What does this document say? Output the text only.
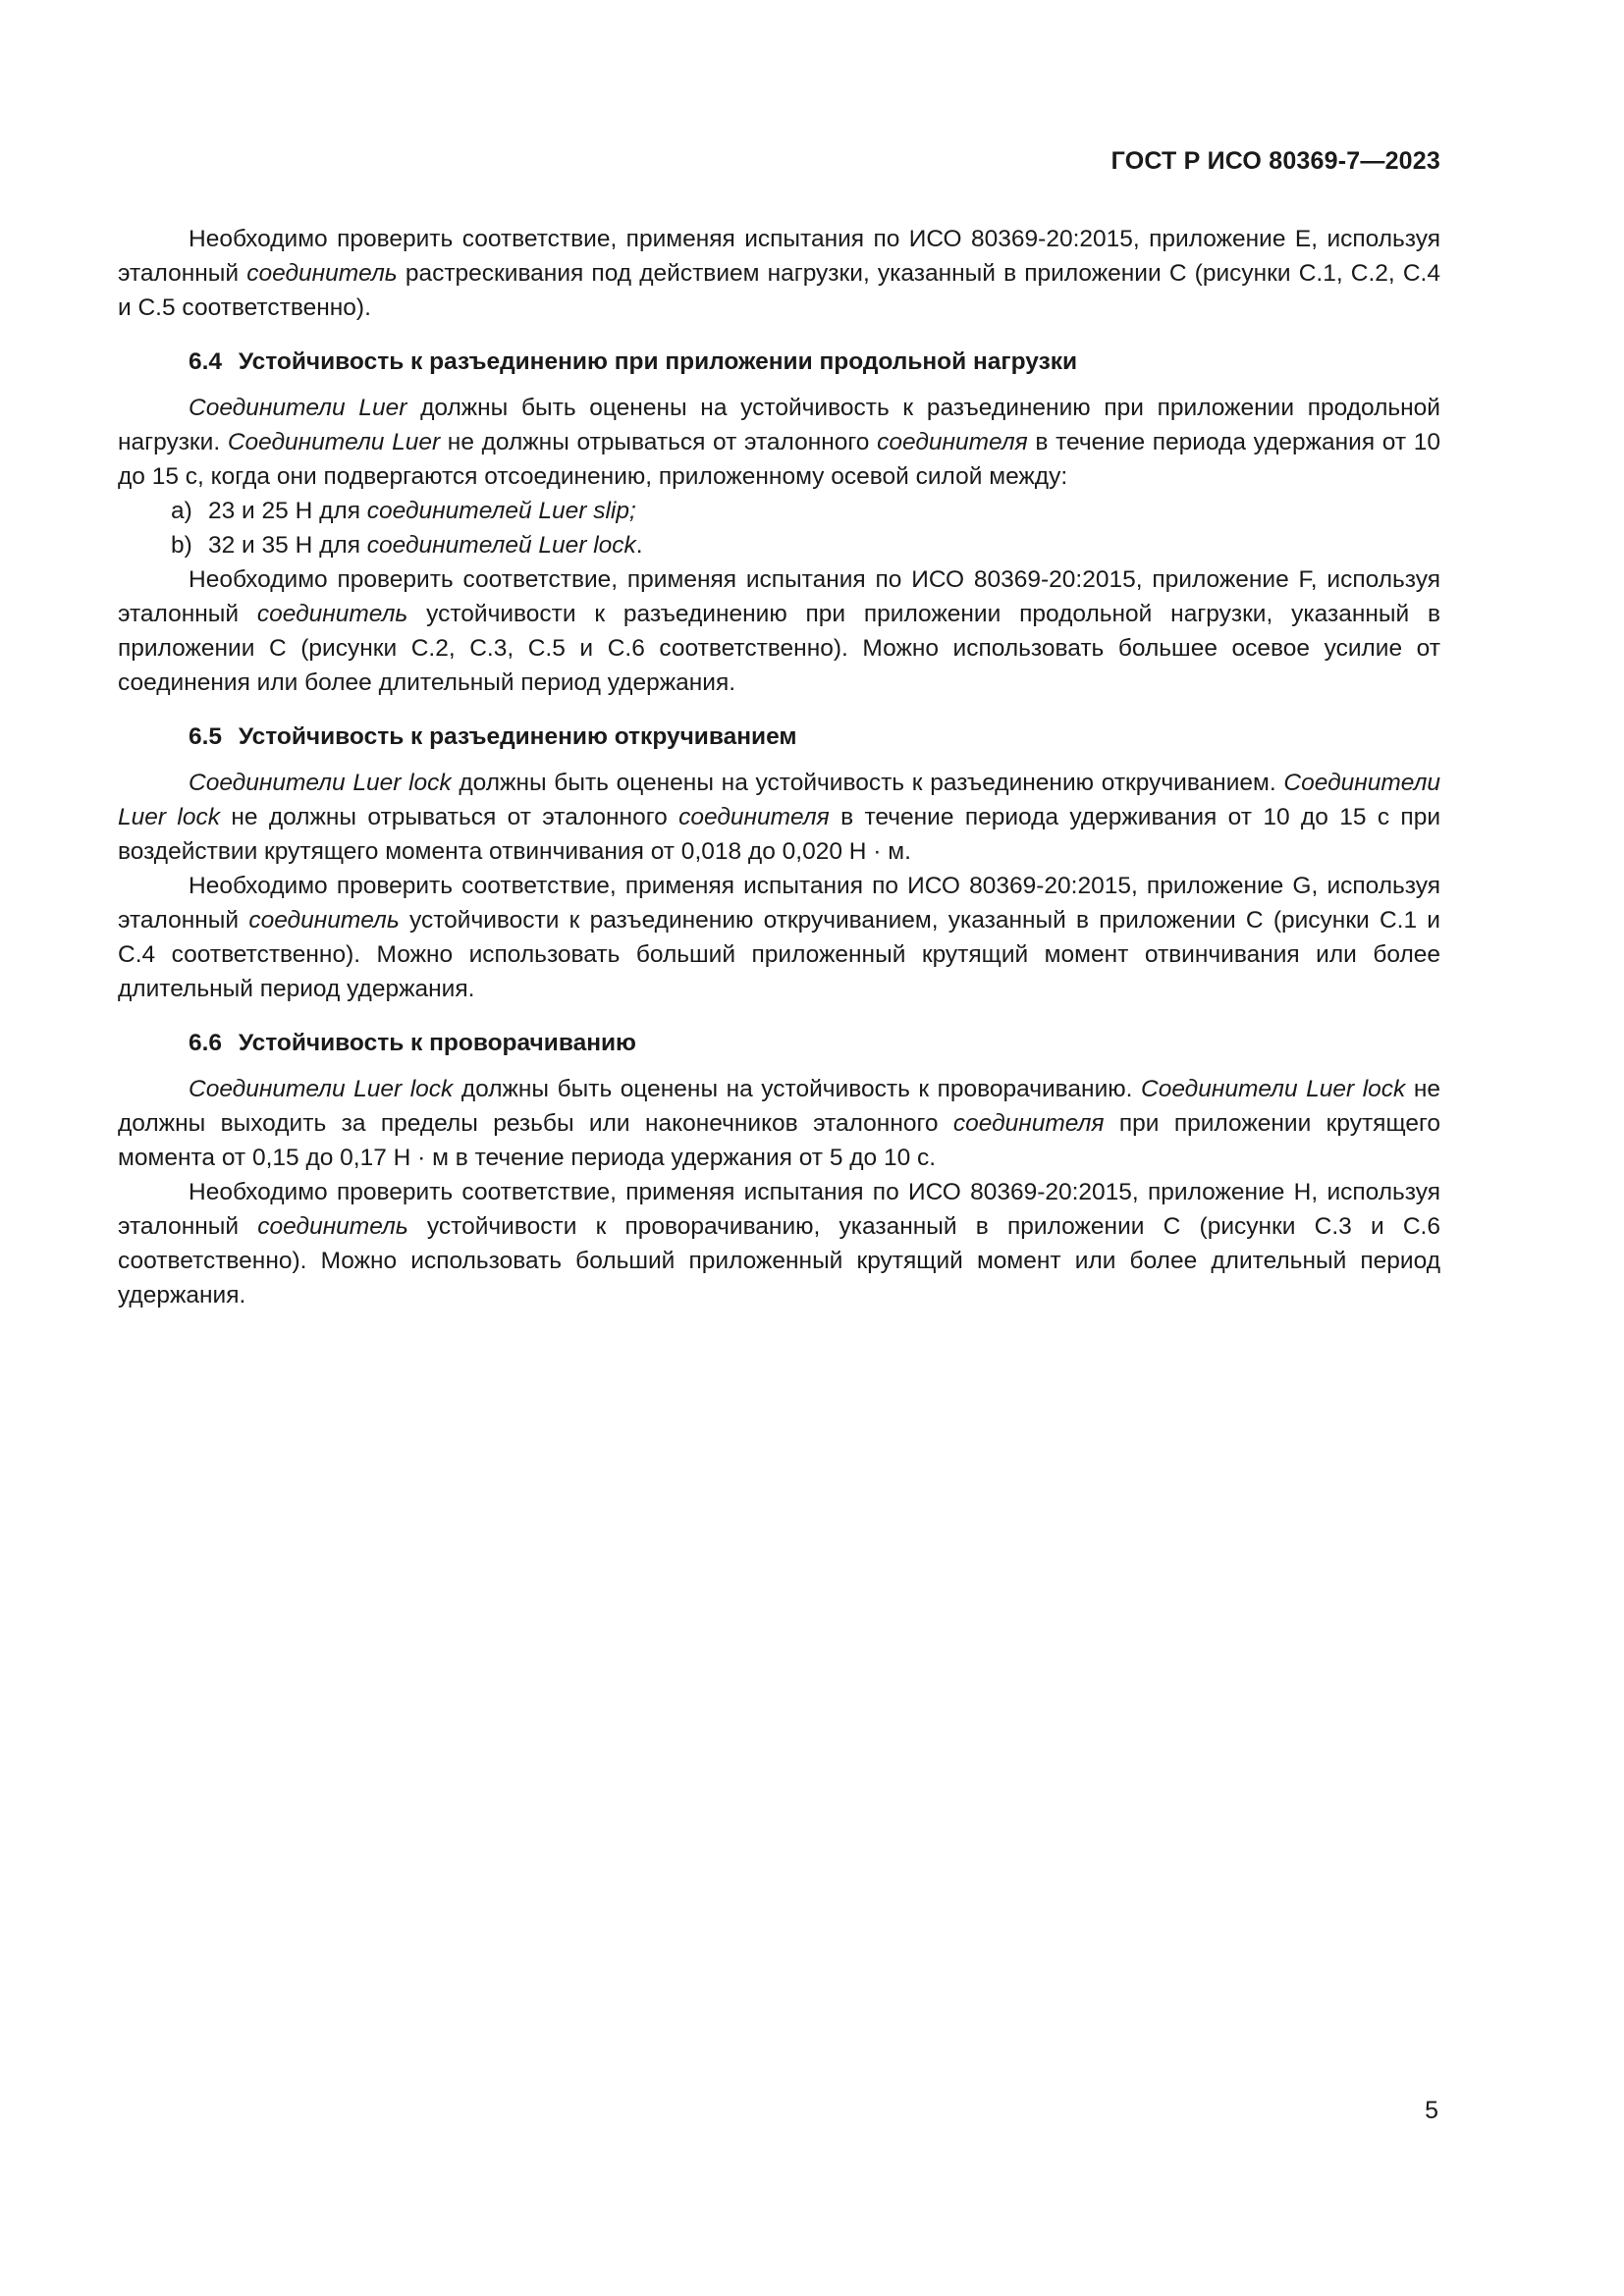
ГОСТ Р ИСО 80369-7—2023

Необходимо проверить соответствие, применяя испытания по ИСО 80369-20:2015, приложение E, используя эталонный соединитель растрескивания под действием нагрузки, указанный в приложении C (рисунки C.1, C.2, C.4 и C.5 соответственно).

6.4 Устойчивость к разъединению при приложении продольной нагрузки

Соединители Luer должны быть оценены на устойчивость к разъединению при приложении продольной нагрузки. Соединители Luer не должны отрываться от эталонного соединителя в течение периода удержания от 10 до 15 с, когда они подвергаются отсоединению, приложенному осевой силой между:

a) 23 и 25 Н для соединителей Luer slip;

b) 32 и 35 Н для соединителей Luer lock.

Необходимо проверить соответствие, применяя испытания по ИСО 80369-20:2015, приложение F, используя эталонный соединитель устойчивости к разъединению при приложении продольной нагрузки, указанный в приложении C (рисунки C.2, C.3, C.5 и C.6 соответственно). Можно использовать большее осевое усилие от соединения или более длительный период удержания.

6.5 Устойчивость к разъединению откручиванием

Соединители Luer lock должны быть оценены на устойчивость к разъединению откручиванием. Соединители Luer lock не должны отрываться от эталонного соединителя в течение периода удерживания от 10 до 15 с при воздействии крутящего момента отвинчивания от 0,018 до 0,020 Н · м.

Необходимо проверить соответствие, применяя испытания по ИСО 80369-20:2015, приложение G, используя эталонный соединитель устойчивости к разъединению откручиванием, указанный в приложении C (рисунки C.1 и C.4 соответственно). Можно использовать больший приложенный крутящий момент отвинчивания или более длительный период удержания.

6.6 Устойчивость к проворачиванию

Соединители Luer lock должны быть оценены на устойчивость к проворачиванию. Соединители Luer lock не должны выходить за пределы резьбы или наконечников эталонного соединителя при приложении крутящего момента от 0,15 до 0,17 Н · м в течение периода удержания от 5 до 10 с.

Необходимо проверить соответствие, применяя испытания по ИСО 80369-20:2015, приложение H, используя эталонный соединитель устойчивости к проворачиванию, указанный в приложении C (рисунки C.3 и C.6 соответственно). Можно использовать больший приложенный крутящий момент или более длительный период удержания.

5
